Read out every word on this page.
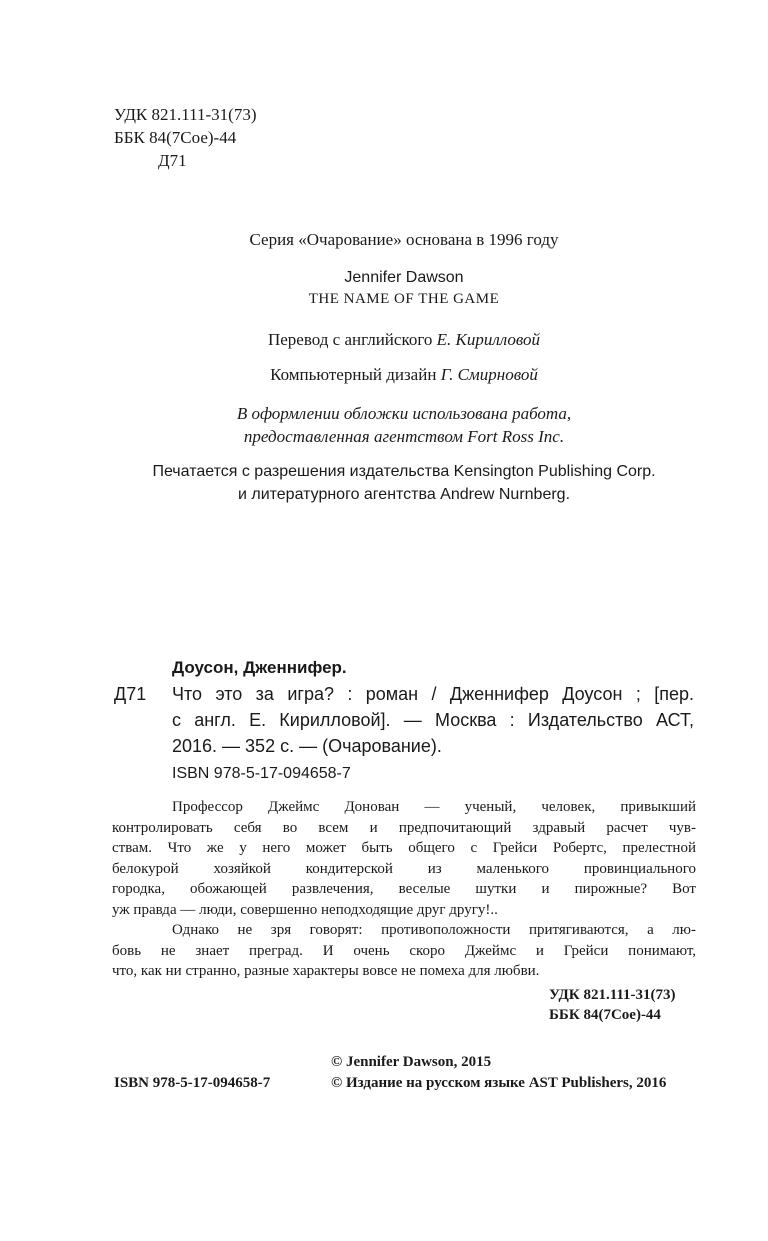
УДК 821.111-31(73)
ББК 84(7Сое)-44
Д71
Серия «Очарование» основана в 1996 году
Jennifer Dawson
THE NAME OF THE GAME
Перевод с английского Е. Кирилловой
Компьютерный дизайн Г. Смирновой
В оформлении обложки использована работа,
предоставленная агентством Fort Ross Inc.
Печатается с разрешения издательства Kensington Publishing Corp.
и литературного агентства Andrew Nurnberg.
Доусон, Дженнифер.
Д71 Что это за игра? : роман / Дженнифер Доусон ; [пер.
с англ. Е. Кирилловой]. — Москва : Издательство АСТ,
2016. — 352 с. — (Очарование).
ISBN 978-5-17-094658-7
Профессор Джеймс Донован — ученый, человек, привыкший
контролировать себя во всем и предпочитающий здравый расчет чув-
ствам. Что же у него может быть общего с Грейси Робертс, прелестной
белокурой хозяйкой кондитерской из маленького провинциального
городка, обожающей развлечения, веселые шутки и пирожные? Вот
уж правда — люди, совершенно неподходящие друг другу!..
Однако не зря говорят: противоположности притягиваются, а лю-
бовь не знает преград. И очень скоро Джеймс и Грейси понимают,
что, как ни странно, разные характеры вовсе не помеха для любви.
УДК 821.111-31(73)
ББК 84(7Сое)-44
© Jennifer Dawson, 2015
ISBN 978-5-17-094658-7	© Издание на русском языке AST Publishers, 2016
